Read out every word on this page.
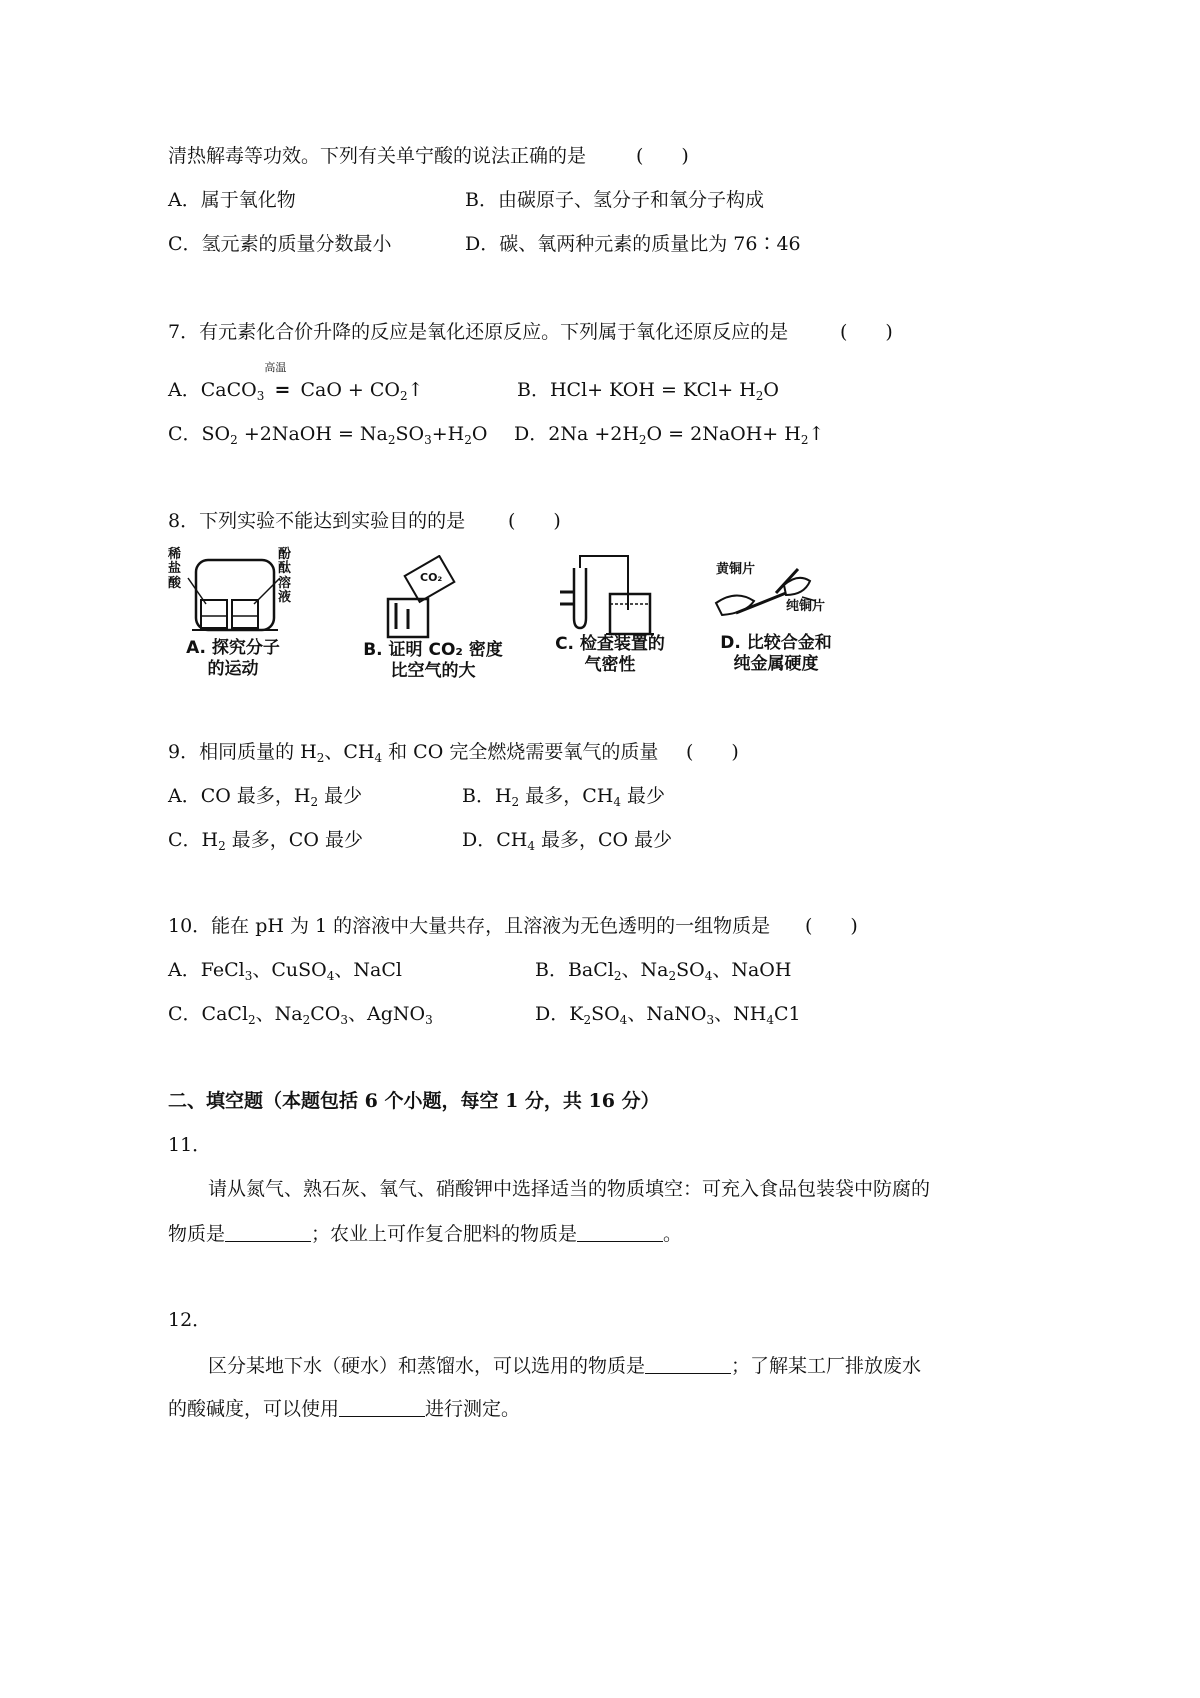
清热解毒等功效。下列有关单宁酸的说法正确的是	(　　)
A．属于氧化物	B．由碳原子、氢分子和氧分子构成
C．氢元素的质量分数最小	D．碳、氧两种元素的质量比为 76∶46
7．有元素化合价升降的反应是氧化还原反应。下列属于氧化还原反应的是	(　　)
A．CaCO$_3$
高温
= CaO + $CO_2↑$	B．HCl+ KOH = $KCl+ H_2O$
C．$SO_2$ +2NaOH = $Na_2SO_3+H_2O$ D．$2Na +2H_2O$ = 2NaOH+ $H_2↑$
8．下列实验不能达到实验目的的是 (　　)
稀盐酸
酚酞溶液
A. 探究分子
的运动
CO₂
B. 证明 CO₂ 密度
比空气的大
C. 检查装置的
气密性
黄铜片
纯铜片
D. 比较合金和
纯金属硬度
9．相同质量的 $H_2$、$CH_4$ 和 CO 完全燃烧需要氧气的质量 (　　)
A．CO 最多，$H_2$ 最少	B．$H_2$ 最多，$CH_4$ 最少
C．$H_2$ 最多，CO 最少	D．$CH_4$ 最多，CO 最少
10．能在 pH 为 1 的溶液中大量共存，且溶液为无色透明的一组物质是 (　　)
A．FeCl$_3$、CuSO$_4$、NaCl	B．BaCl$_2$、$Na_2SO_4$、NaOH
C．CaCl$_2$、$Na_2CO_3$、AgNO$_3$	D．$K_2SO_4$、NaNO$_3$、$NH_4C1$
二、填空题（本题包括 6 个小题，每空 1 分，共 16 分）
11．
请从氮气、熟石灰、氧气、硝酸钾中选择适当的物质填空：可充入食品包装袋中防腐的
物质是	；农业上可作复合肥料的物质是	。
12．
区分某地下水（硬水）和蒸馏水，可以选用的物质是	；了解某工厂排放废水
的酸碱度，可以使用	进行测定。
